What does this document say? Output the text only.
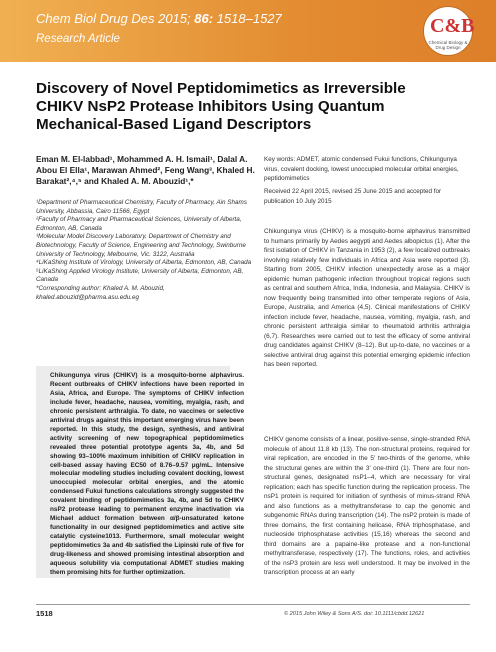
Chem Biol Drug Des 2015; 86: 1518–1527
Research Article
C&B
Chemical Biology & Drug Design
Discovery of Novel Peptidomimetics as Irreversible CHIKV NsP2 Protease Inhibitors Using Quantum Mechanical-Based Ligand Descriptors
Eman M. El-labbad¹, Mohammed A. H. Ismail¹, Dalal A. Abou El Ella¹, Marawan Ahmed², Feng Wang³, Khaled H. Barakat²,⁴,⁵ and Khaled A. M. Abouzid¹,*
Key words: ADMET, atomic condensed Fukui functions, Chikungunya virus, covalent docking, lowest unoccupied molecular orbital energies, peptidomimetics
Received 22 April 2015, revised 25 June 2015 and accepted for publication 10 July 2015

¹Department of Pharmaceutical Chemistry, Faculty of Pharmacy, Ain Shams University, Abbassia, Cairo 11566, Egypt

²Faculty of Pharmacy and Pharmaceutical Sciences, University of Alberta, Edmonton, AB, Canada

³Molecular Model Discovery Laboratory, Department of Chemistry and Biotechnology, Faculty of Science, Engineering and Technology, Swinburne University of Technology, Melbourne, Vic. 3122, Australia

⁴LiKaShing Institute of Virology, University of Alberta, Edmonton, AB, Canada

⁵LiKaShing Applied Virology Institute, University of Alberta, Edmonton, AB, Canada

*Corresponding author: Khaled A. M. Abouzid, khaled.abouzid@pharma.asu.edu.eg

Chikungunya virus (CHIKV) is a mosquito-borne alphavirus. Recent outbreaks of CHIKV infections have been reported in Asia, Africa, and Europe. The symptoms of CHIKV infection include fever, headache, nausea, vomiting, myalgia, rash, and chronic persistent arthralgia. To date, no vaccines or selective antiviral drugs against this important emerging virus have been reported. In this study, the design, synthesis, and antiviral activity screening of new topographical peptidomimetics revealed three potential prototype agents 3a, 4b, and 5d showing 93–100% maximum inhibition of CHIKV replication in cell-based assay having EC50 of 8.76–9.57 μg/mL. Intensive molecular modeling studies including covalent docking, lowest unoccupied molecular orbital energies, and the atomic condensed Fukui functions calculations strongly suggested the covalent binding of peptidomimetics 3a, 4b, and 5d to CHIKV nsP2 protease leading to permanent enzyme inactivation via Michael adduct formation between α/β-unsaturated ketone functionality in our designed peptidomimetics and active site catalytic cysteine1013. Furthermore, small molecular weight peptidomimetics 3a and 4b satisfied the Lipinski rule of five for drug-likeness and showed promising intestinal absorption and aqueous solubility via computational ADMET studies making them promising hits for further optimization.
Chikungunya virus (CHIKV) is a mosquito-borne alphavirus transmitted to humans primarily by Aedes aegypti and Aedes albopictus (1). After the first isolation of CHIKV in Tanzania in 1953 (2), a few localized outbreaks involving relatively few individuals in Africa and Asia were reported (3). Starting from 2005, CHIKV infection unexpectedly arose as a major epidemic human pathogenic infection throughout tropical regions such as central and southern Africa, India, Indonesia, and Malaysia. CHIKV is now frequently being transmitted into other temperate regions of Asia, Europe, Australia, and America (4,5). Clinical manifestations of CHIKV infection include fever, headache, nausea, vomiting, myalgia, rash, and chronic persistent arthralgia similar to rheumatoid arthritis arthralgia (6,7). Researches were carried out to test the efficacy of some antiviral drug candidates against CHIKV (8–12). But up-to-date, no vaccines or a selective antiviral drug against this potential emerging epidemic infection has been reported.
CHIKV genome consists of a linear, positive-sense, single-stranded RNA molecule of about 11.8 kb (13). The non-structural proteins, required for viral replication, are encoded in the 5′ two-thirds of the genome, while the structural genes are within the 3′ one-third (1). There are four non-structural genes, designated nsP1–4, which are necessary for viral replication; each has specific function during the replication process. The nsP1 protein is required for initiation of synthesis of minus-strand RNA and also functions as a methyltransferase to cap the genomic and subgenomic RNAs during transcription (14). The nsP2 protein is made of three domains, the first containing helicase, RNA triphosphatase, and nucleoside triphosphatase activities (15,16) whereas the second and third domains are a papaine-like protease and a non-functional methyltransferase, respectively (17). The functions, roles, and activities of the nsP3 protein are less well understood. It may be involved in the transcription process at an early
1518	© 2015 John Wiley & Sons A/S. doi: 10.1111/cbdd.12621
